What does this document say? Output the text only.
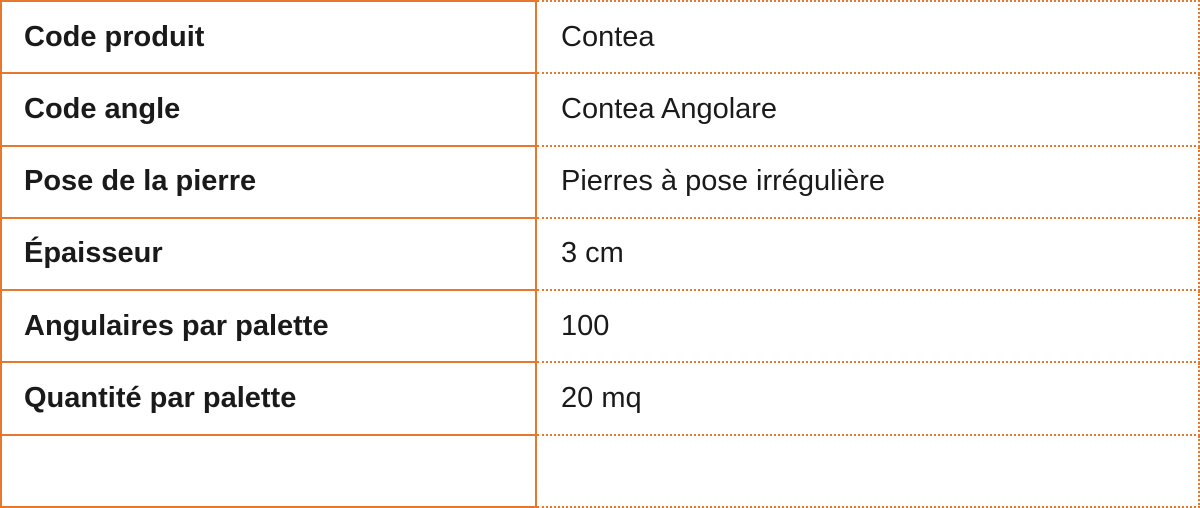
Code produit	Contea
Code angle	Contea Angolare
Pose de la pierre	Pierres à pose irrégulière
Épaisseur	3 cm
Angulaires par palette	100
Quantité par palette	20 mq
